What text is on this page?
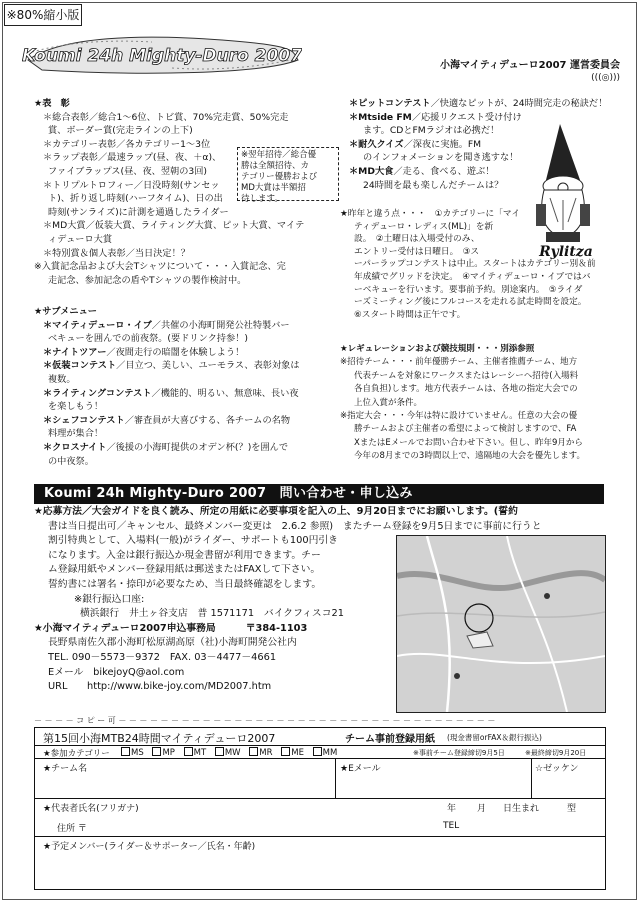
※80%縮小版
Koumi 24h Mighty-Duro 2007	小海マイティデューロ2007 運営委員会
(((◎)))

★表　彰

＊総合表彰／総合1～6位、トビ賞、70%完走賞、50%完走

賞、ボーダー賞(完走ラインの上下)

＊カテゴリー表彰／各カテゴリー1～3位

＊ラップ表彰／最速ラップ(昼、夜、＋α)、

ファイブラップス(昼、夜、翌朝の3回)

＊トリプルトロフィー／日没時刻(サンセッ

ト)、折り返し時刻(ハーフタイム)、日の出

時刻(サンライズ)に計測を通過したライダー

＊MD大賞／仮装大賞、ライティング大賞、ピット大賞、マイテ

ィデューロ大賞

＊特別賞＆個人表彰／当日決定！？

※入賞記念品および大会Tシャツについて・・・入賞記念、完

走記念、参加記念の盾やTシャツの製作検討中。

※翌年招待／総合優

勝は全額招待、カ

テゴリー優勝および

MD大賞は半額招

待します。

★サブメニュー

＊マイティデューロ・イブ／共催の小海町開発公社特製バー

ベキューを囲んでの前夜祭。(要ドリンク持参！)

＊ナイトツアー／夜間走行の暗闇を体験しよう！

＊仮装コンテスト／目立つ、美しい、ユーモラス、表彰対象は

複数。

＊ライティングコンテスト／機能的、明るい、無意味、長い夜

を楽しもう！

＊シェフコンテスト／審査員が大喜びする、各チームの名物

料理が集合！

＊クロスナイト／後援の小海町提供のオデン杯(？)を囲んで

の中夜祭。

＊ピットコンテスト／快適なピットが、24時間完走の秘訣だ！

＊Mtside FM／応援リクエスト受け付け

ます。CDとFMラジオは必携だ！

＊耐久クイズ／深夜に実施。FM

のインフォメーションを聞き逃すな！

＊MD大食／走る、食べる、遊ぶ！

24時間を最も楽しんだチームは？

Rylitza

★昨年と違う点・・・　①カテゴリーに「マイ

ティデューロ・レディス(ML)」を新

設。　②土曜日は入場受付のみ、

エントリー受付は日曜日。　③ス

ーパーラップコンテストは中止。スタートはカテゴリー別＆前

年成績でグリッドを決定。　④マイティデューロ・イブではバ

ーベキューを行います。要事前予約。別途案内。　⑤ライダ

ーズミーティング後にフルコースを走れる試走時間を設定。

⑥スタート時間は正午です。

★レギュレーションおよび競技規則・・・別添参照

※招待チーム・・・前年優勝チーム、主催者推薦チーム、地方

代表チームを対象にワークスまたはレーシーヘ招待(入場料

各自負担)します。地方代表チームは、各地の指定大会での

上位入賞が条件。

※指定大会・・・今年は特に設けていません。任意の大会の優

勝チームおよび主催者の希望によって検討しますので、FA

XまたはEメールでお問い合わせ下さい。但し、昨年9月から

今年の8月までの3時間以上で、遠隔地の大会を優先します。

Koumi 24h Mighty-Duro 2007　問い合わせ・申し込み

★応募方法／大会ガイドを良く読み、所定の用紙に必要事項を記入の上、9月20日までにお願いします。(誓約

書は当日提出可／キャンセル、最終メンバー変更は　2.6.2 参照)　またチーム登録を9月5日までに事前に行うと

割引特典として、入場料(一般)がライダー、サポートも100円引き

になります。入金は銀行振込か現金書留が利用できます。チー

ム登録用紙やメンバー登録用紙は郵送またはFAXして下さい。

誓約書には署名・捺印が必要なため、当日最終確認をします。

※銀行振込口座:

横浜銀行　井土ヶ谷支店　普 1571171　バイクフィスコ21

★小海マイティデューロ2007申込事務局	〒384-1103

長野県南佐久郡小海町松原湖高原（社)小海町開発公社内

TEL. 090－5573－9372　FAX. 03－4477－4661

Eメール　bikejoyQ@aol.com

URL　　http://www.bike-joy.com/MD2007.htm

－ － － － コ ピ ー 可 － － － － － － － － － － － － － － － － － － － － － － － － － － － － － － － － － － － －
第15回小海MTB24時間マイティデューロ2007	チーム事前登録用紙 (現金書留orFAX＆銀行振込)
★参加カテゴリー	MS MP MT MW MR ME MM	※事前チーム登録締切9月5日	※最終締切9月20日
★チーム名	★Eメール	☆ゼッケン
★代表者氏名(フリガナ)	年 月 日生まれ	型
住所 〒	TEL
★予定メンバー(ライダー＆サポーター／氏名・年齢)
